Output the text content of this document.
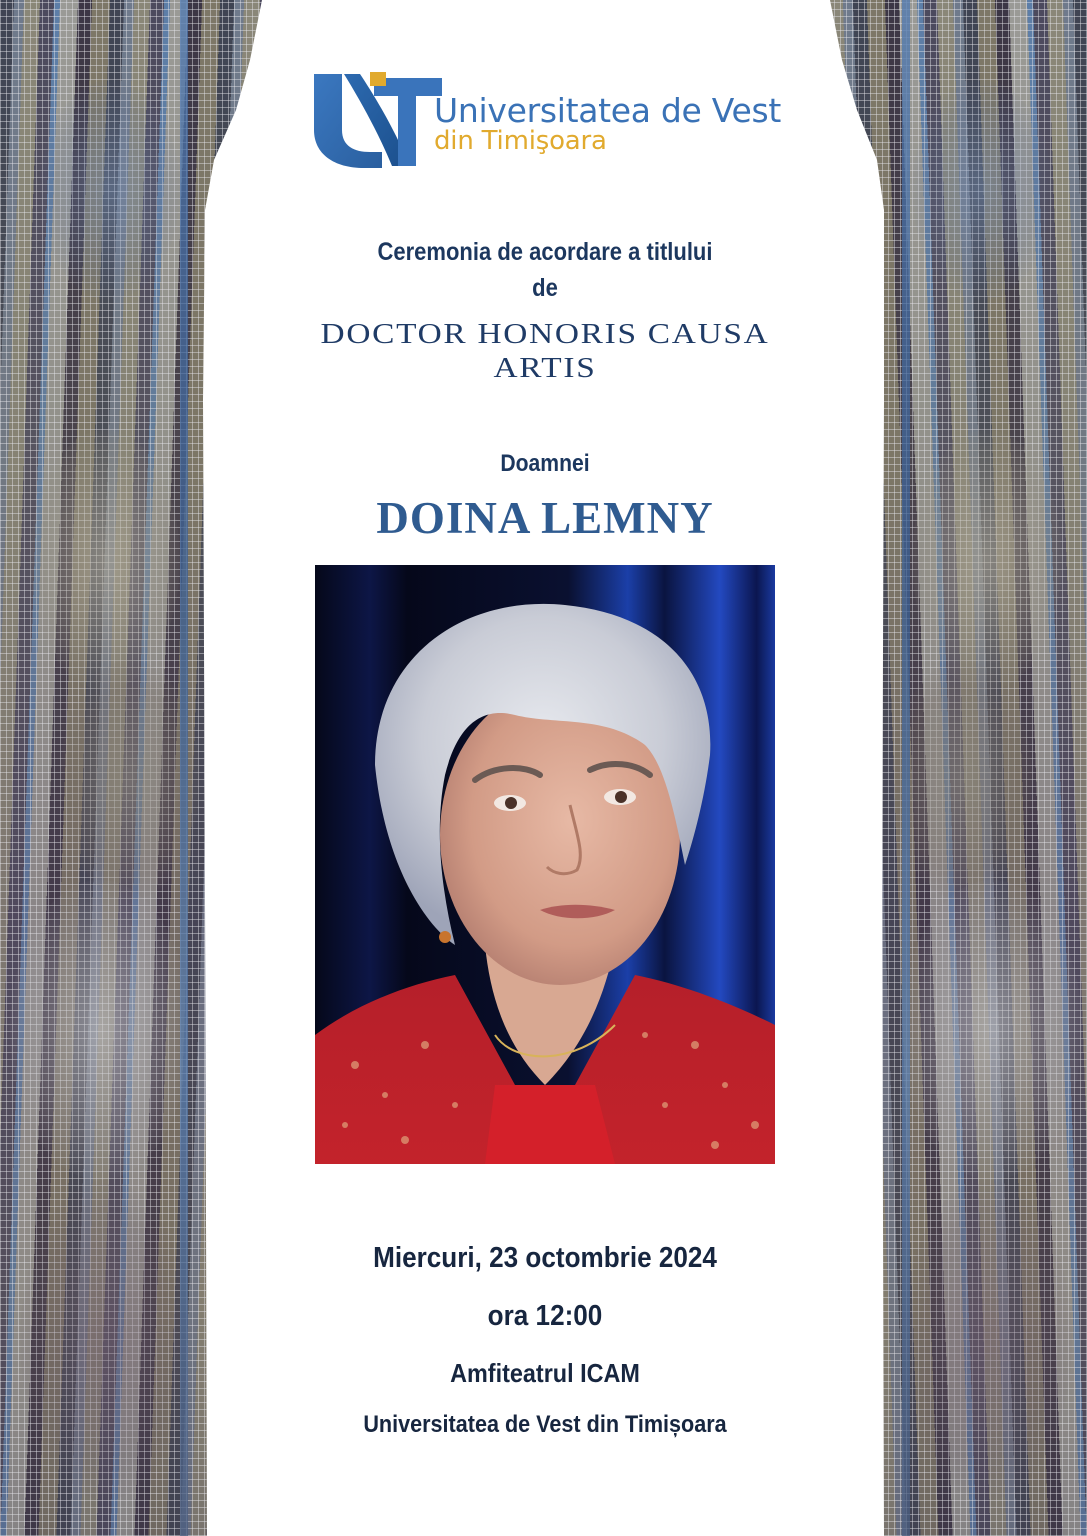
Universitatea de Vest
din Timişoara
Ceremonia de acordare a titlului
de
DOCTOR HONORIS CAUSA
ARTIS
Doamnei
DOINA LEMNY
Miercuri, 23 octombrie 2024
ora 12:00
Amfiteatrul ICAM
Universitatea de Vest din Timișoara
